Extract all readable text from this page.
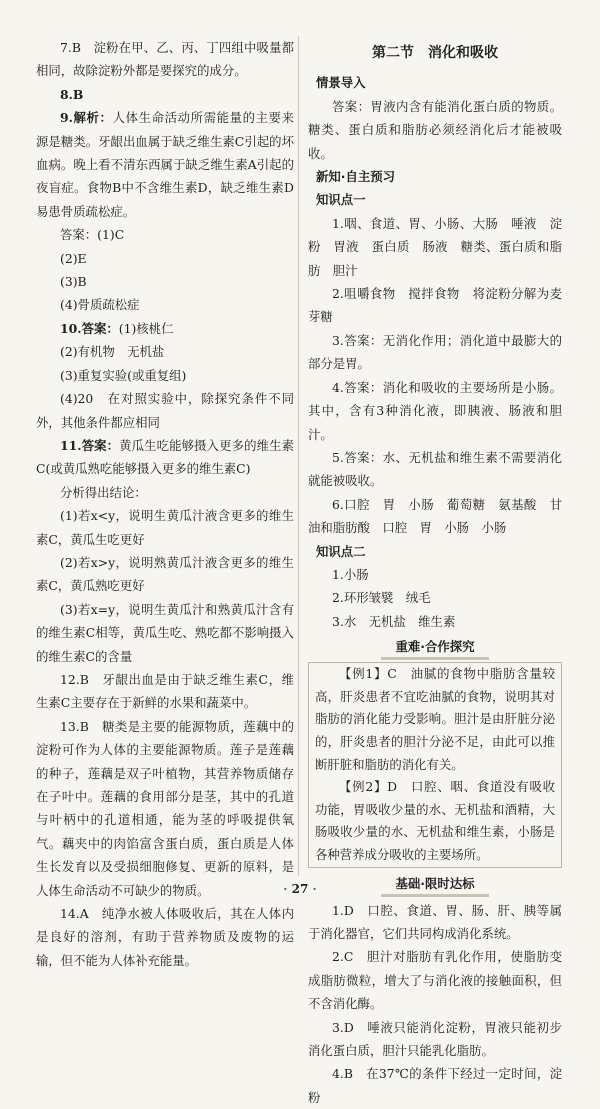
7.B　淀粉在甲、乙、丙、丁四组中吸量都相同，故除淀粉外都是要探究的成分。

8.B

9.解析：人体生命活动所需能量的主要来源是糖类。牙龈出血属于缺乏维生素C引起的坏血病。晚上看不清东西属于缺乏维生素A引起的夜盲症。食物B中不含维生素D，缺乏维生素D易患骨质疏松症。

答案：(1)C

(2)E

(3)B

(4)骨质疏松症

10.答案：(1)核桃仁

(2)有机物　无机盐

(3)重复实验(或重复组)

(4)20　在对照实验中，除探究条件不同外，其他条件都应相同

11.答案：黄瓜生吃能够摄入更多的维生素C(或黄瓜熟吃能够摄入更多的维生素C)

分析得出结论：

(1)若x<y，说明生黄瓜汁液含更多的维生素C，黄瓜生吃更好

(2)若x>y，说明熟黄瓜汁液含更多的维生素C，黄瓜熟吃更好

(3)若x=y，说明生黄瓜汁和熟黄瓜汁含有的维生素C相等，黄瓜生吃、熟吃都不影响摄入的维生素C的含量

12.B　牙龈出血是由于缺乏维生素C，维生素C主要存在于新鲜的水果和蔬菜中。

13.B　糖类是主要的能源物质，莲藕中的淀粉可作为人体的主要能源物质。莲子是莲藕的种子，莲藕是双子叶植物，其营养物质储存在子叶中。莲藕的食用部分是茎，其中的孔道与叶柄中的孔道相通，能为茎的呼吸提供氧气。藕夹中的肉馅富含蛋白质，蛋白质是人体生长发育以及受损细胞修复、更新的原料，是人体生命活动不可缺少的物质。

14.A　纯净水被人体吸收后，其在人体内是良好的溶剂，有助于营养物质及废物的运输，但不能为人体补充能量。

第二节　消化和吸收

情景导入

答案：胃液内含有能消化蛋白质的物质。糖类、蛋白质和脂肪必须经消化后才能被吸收。

新知·自主预习

知识点一

1.咽、食道、胃、小肠、大肠　唾液　淀粉　胃液　蛋白质　肠液　糖类、蛋白质和脂肪　胆汁

2.咀嚼食物　搅拌食物　将淀粉分解为麦芽糖

3.答案：无消化作用；消化道中最膨大的部分是胃。

4.答案：消化和吸收的主要场所是小肠。其中，含有3种消化液，即胰液、肠液和胆汁。

5.答案：水、无机盐和维生素不需要消化就能被吸收。

6.口腔　胃　小肠　葡萄糖　氨基酸　甘油和脂肪酸　口腔　胃　小肠　小肠

知识点二

1.小肠

2.环形皱襞　绒毛

3.水　无机盐　维生素

重难·合作探究

【例1】C　油腻的食物中脂肪含量较高，肝炎患者不宜吃油腻的食物，说明其对脂肪的消化能力受影响。胆汁是由肝脏分泌的，肝炎患者的胆汁分泌不足，由此可以推断肝脏和脂肪的消化有关。

【例2】D　口腔、咽、食道没有吸收功能，胃吸收少量的水、无机盐和酒精，大肠吸收少量的水、无机盐和维生素，小肠是各种营养成分吸收的主要场所。

基础·限时达标

1.D　口腔、食道、胃、肠、肝、胰等属于消化器官，它们共同构成消化系统。

2.C　胆汁对脂肪有乳化作用，使脂肪变成脂肪微粒，增大了与消化液的接触面积，但不含消化酶。

3.D　唾液只能消化淀粉，胃液只能初步消化蛋白质，胆汁只能乳化脂肪。

4.B　在37℃的条件下经过一定时间，淀粉

· 27 ·
